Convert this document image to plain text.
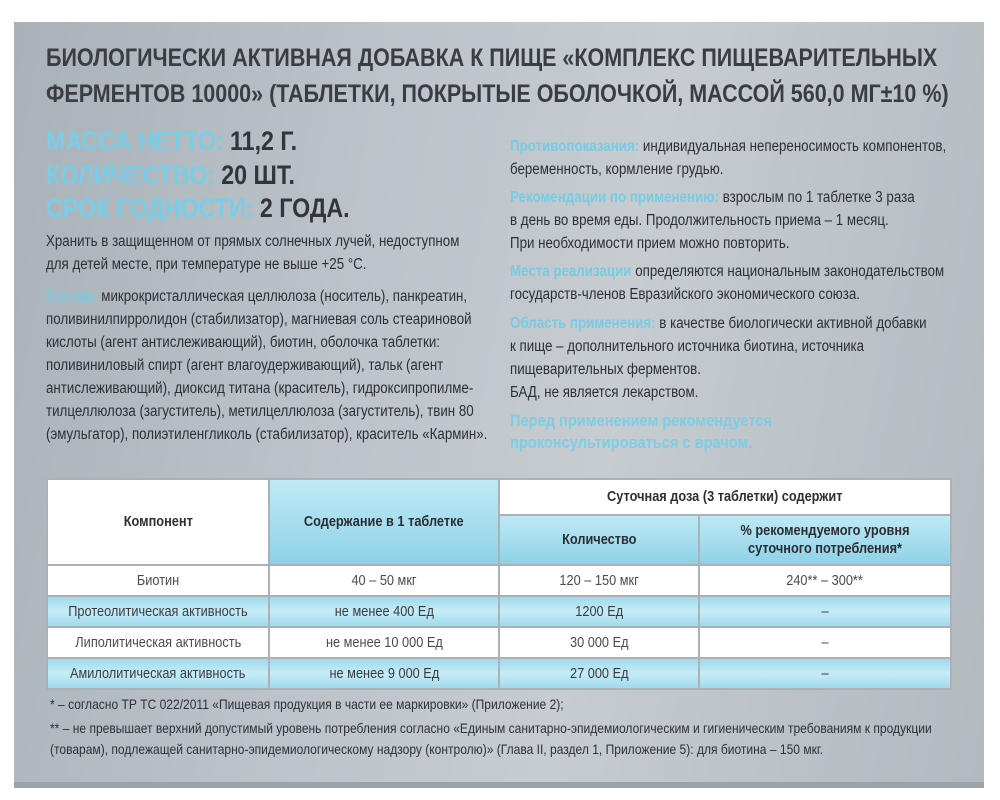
БИОЛОГИЧЕСКИ АКТИВНАЯ ДОБАВКА К ПИЩЕ «КОМПЛЕКС ПИЩЕВАРИТЕЛЬНЫХ
ФЕРМЕНТОВ 10000» (ТАБЛЕТКИ, ПОКРЫТЫЕ ОБОЛОЧКОЙ, МАССОЙ 560,0 МГ±10 %)
МАССА НЕТТО: 11,2 Г.
КОЛИЧЕСТВО: 20 ШТ.
СРОК ГОДНОСТИ: 2 ГОДА.
Хранить в защищенном от прямых солнечных лучей, недоступном
для детей месте, при температуре не выше +25 °С.
Состав: микрокристаллическая целлюлоза (носитель), панкреатин,
поливинилпирролидон (стабилизатор), магниевая соль стеариновой
кислоты (агент антислеживающий), биотин, оболочка таблетки:
поливиниловый спирт (агент влагоудерживающий), тальк (агент
антислеживающий), диоксид титана (краситель), гидроксипропилме-
тилцеллюлоза (загуститель), метилцеллюлоза (загуститель), твин 80
(эмульгатор), полиэтиленгликоль (стабилизатор), краситель «Кармин».
Противопоказания: индивидуальная непереносимость компонентов,
беременность, кормление грудью.
Рекомендации по применению: взрослым по 1 таблетке 3 раза
в день во время еды. Продолжительность приема – 1 месяц.
При необходимости прием можно повторить.
Места реализации определяются национальным законодательством
государств-членов Евразийского экономического союза.
Область применения: в качестве биологически активной добавки
к пище – дополнительного источника биотина, источника
пищеварительных ферментов.
БАД, не является лекарством.
Перед применением рекомендуется
проконсультироваться с врачом.
Компонент	Содержание в 1 таблетке	Суточная доза (3 таблетки) содержит	
		Количество	% рекомендуемого уровня суточного потребления*
Биотин	40 – 50 мкг	120 – 150 мкг	240** – 300**
Протеолитическая активность	не менее 400 Ед	1200 Ед	–
Липолитическая активность	не менее 10 000 Ед	30 000 Ед	–
Амилолитическая активность	не менее 9 000 Ед	27 000 Ед	–
* – согласно ТР ТС 022/2011 «Пищевая продукция в части ее маркировки» (Приложение 2);
** – не превышает верхний допустимый уровень потребления согласно «Единым санитарно-эпидемиологическим и гигиеническим требованиям к продукции
(товарам), подлежащей санитарно-эпидемиологическому надзору (контролю)» (Глава II, раздел 1, Приложение 5): для биотина – 150 мкг.
